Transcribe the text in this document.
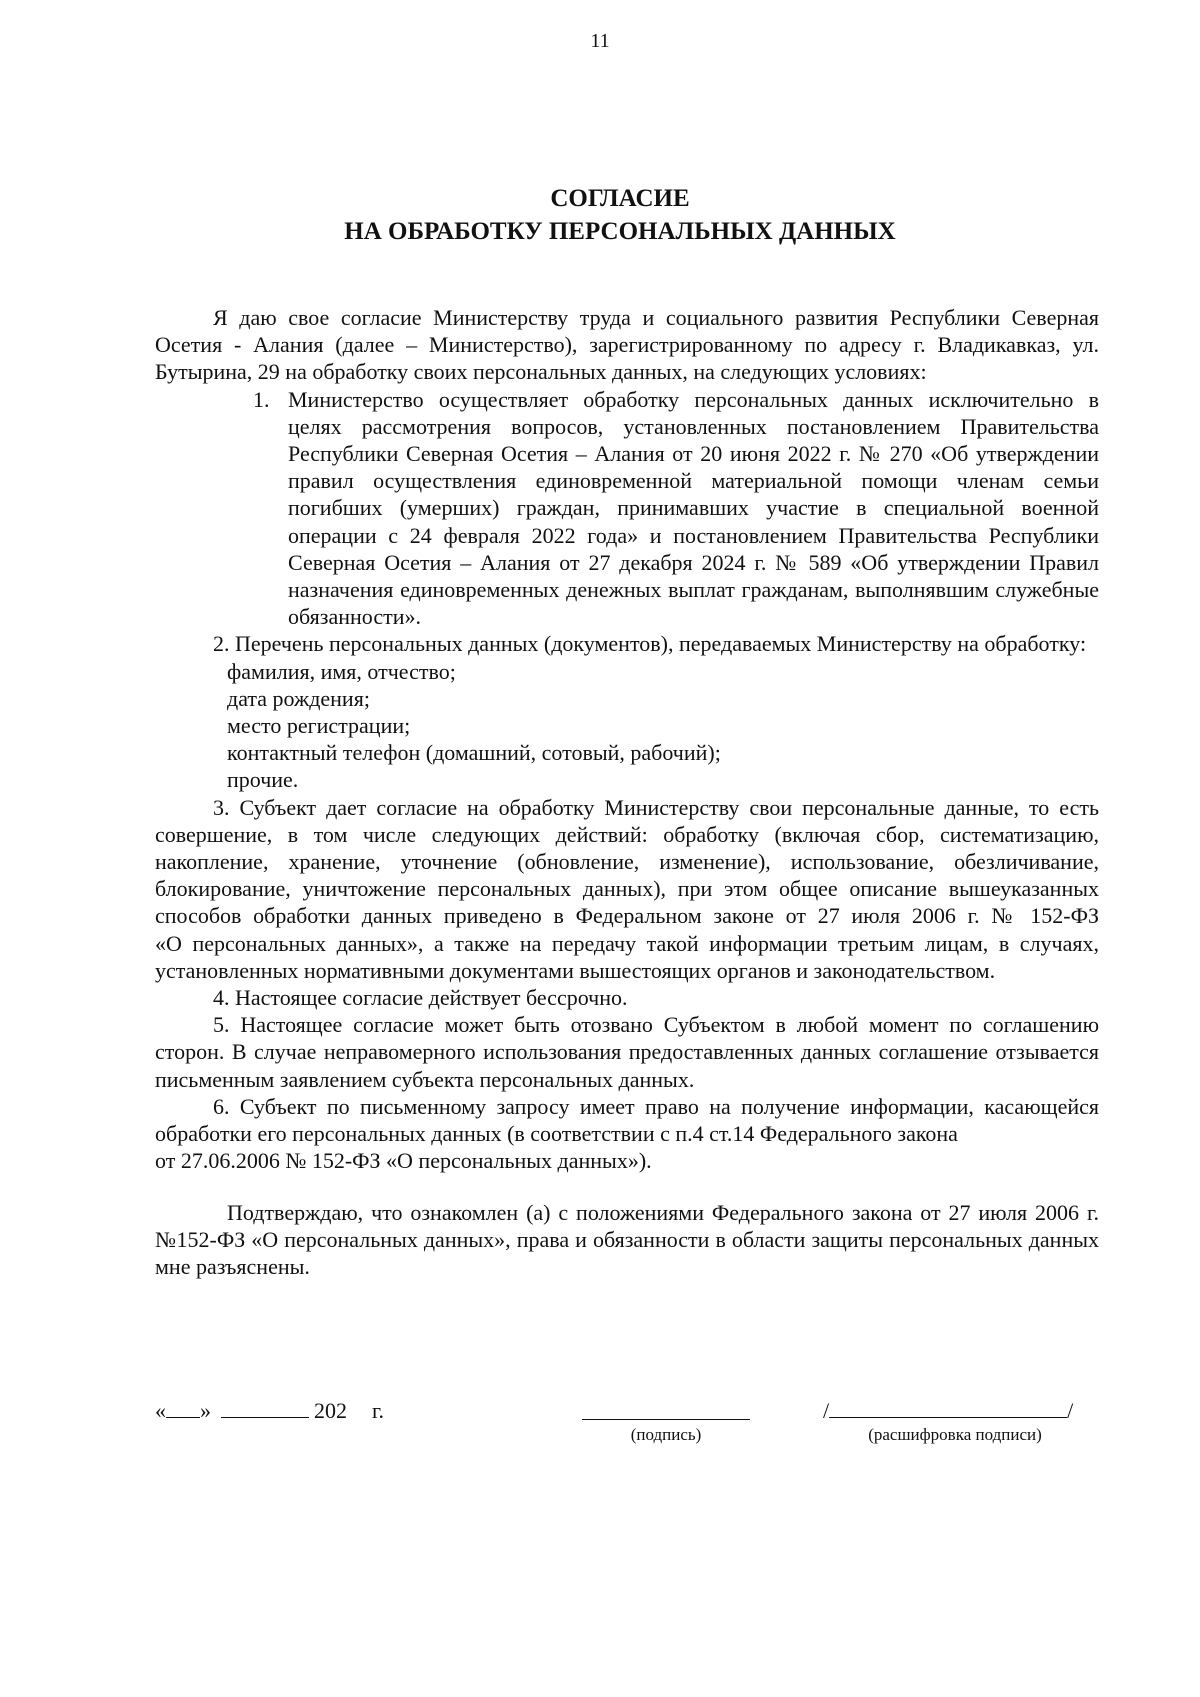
11
СОГЛАСИЕ
НА ОБРАБОТКУ ПЕРСОНАЛЬНЫХ ДАННЫХ

Я даю свое согласие Министерству труда и социального развития Республики Северная Осетия - Алания (далее – Министерство), зарегистрированному по адресу г. Владикавказ, ул. Бутырина, 29 на обработку своих персональных данных, на следующих условиях:

1. Министерство осуществляет обработку персональных данных исключительно в целях рассмотрения вопросов, установленных постановлением Правительства Республики Северная Осетия – Алания от 20 июня 2022 г. № 270 «Об утверждении правил осуществления единовременной материальной помощи членам семьи погибших (умерших) граждан, принимавших участие в специальной военной операции с 24 февраля 2022 года» и постановлением Правительства Республики Северная Осетия – Алания от 27 декабря 2024 г. № 589 «Об утверждении Правил назначения единовременных денежных выплат гражданам, выполнявшим служебные обязанности».

2. Перечень персональных данных (документов), передаваемых Министерству на обработку:

фамилия, имя, отчество;
дата рождения;
место регистрации;
контактный телефон (домашний, сотовый, рабочий);
прочие.

3. Субъект дает согласие на обработку Министерству свои персональные данные, то есть совершение, в том числе следующих действий: обработку (включая сбор, систематизацию, накопление, хранение, уточнение (обновление, изменение), использование, обезличивание, блокирование, уничтожение персональных данных), при этом общее описание вышеуказанных способов обработки данных приведено в Федеральном законе от 27 июля 2006 г. № 152-ФЗ

«О персональных данных», а также на передачу такой информации третьим лицам, в случаях, установленных нормативными документами вышестоящих органов и законодательством.

4. Настоящее согласие действует бессрочно.

5. Настоящее согласие может быть отозвано Субъектом в любой момент по соглашению сторон. В случае неправомерного использования предоставленных данных соглашение отзывается письменным заявлением субъекта персональных данных.

6. Субъект по письменному запросу имеет право на получение информации, касающейся обработки его персональных данных (в соответствии с п.4 ст.14 Федерального закона

от 27.06.2006 № 152-ФЗ «О персональных данных»).

Подтверждаю, что ознакомлен (а) с положениями Федерального закона от 27 июля 2006 г. №152-ФЗ «О персональных данных», права и обязанности в области защиты персональных данных мне разъяснены.

« »	202 г.
(подпись)
/	/
(расшифровка подписи)
